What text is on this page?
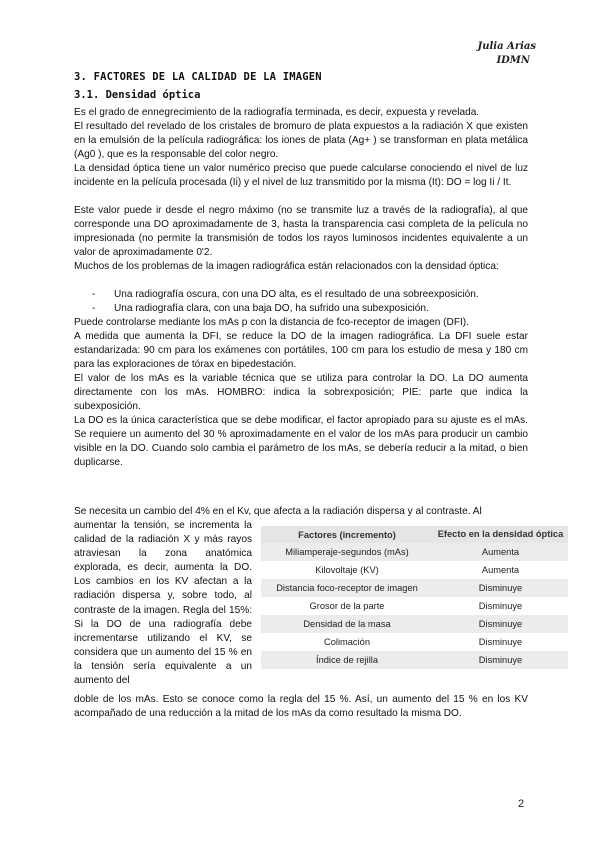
Julia Arias
IDMN
3. FACTORES DE LA CALIDAD DE LA IMAGEN
3.1. Densidad óptica

Es el grado de ennegrecimiento de la radiografía terminada, es decir, expuesta y revelada.

El resultado del revelado de los cristales de bromuro de plata expuestos a la radiación X que existen en la emulsión de la película radiográfica: los iones de plata (Ag+ ) se transforman en plata metálica (Ag0 ), que es la responsable del color negro.

La densidad óptica tiene un valor numérico preciso que puede calcularse conociendo el nivel de luz incidente en la película procesada (Ii) y el nivel de luz transmitido por la misma (It): DO = log Ii / It.

Este valor puede ir desde el negro máximo (no se transmite luz a través de la radiografía), al que corresponde una DO aproximadamente de 3, hasta la transparencia casi completa de la película no impresionada (no permite la transmisión de todos los rayos luminosos incidentes equivalente a un valor de aproximadamente 0'2.

Muchos de los problemas de la imagen radiográfica están relacionados con la densidad óptica:

- Una radiografía oscura, con una DO alta, es el resultado de una sobreexposición.
- Una radiografía clara, con una baja DO, ha sufrido una subexposición.

Puede controlarse mediante los mAs p con la distancia de fco-receptor de imagen (DFI).

A medida que aumenta la DFI, se reduce la DO de la imagen radiográfica. La DFI suele estar estandarizada: 90 cm para los exámenes con portátiles, 100 cm para los estudio de mesa y 180 cm para las exploraciones de tórax en bipedestación.

El valor de los mAs es la variable técnica que se utiliza para controlar la DO. La DO aumenta directamente con los mAs. HOMBRO: indica la sobrexposición; PIE: parte que indica la subexposición.

La DO es la única característica que se debe modificar, el factor apropiado para su ajuste es el mAs. Se requiere un aumento del 30 % aproximadamente en el valor de los mAs para producir un cambio visible en la DO. Cuando solo cambia el parámetro de los mAs, se debería reducir a la mitad, o bien duplicarse.

Se necesita un cambio del 4% en el Kv, que afecta a la radiación dispersa y al contraste. Al

aumentar la tensión, se incrementa la calidad de la radiación X y más rayos atraviesan la zona anatómica explorada, es decir, aumenta la DO. Los cambios en los KV afectan a la radiación dispersa y, sobre todo, al contraste de la imagen. Regla del 15%: Si la DO de una radiografía debe incrementarse utilizando el KV, se considera que un aumento del 15 % en la tensión sería equivalente a un aumento del
Factores (incremento)	Efecto en la densidad óptica
Miliamperaje-segundos (mAs)	Aumenta
Kilovoltaje (KV)	Aumenta
Distancia foco-receptor de imagen	Disminuye
Grosor de la parte	Disminuye
Densidad de la masa	Disminuye
Colimación	Disminuye
Índice de rejilla	Disminuye

doble de los mAs. Esto se conoce como la regla del 15 %. Así, un aumento del 15 % en los KV acompañado de una reducción a la mitad de los mAs da como resultado la misma DO.

2
